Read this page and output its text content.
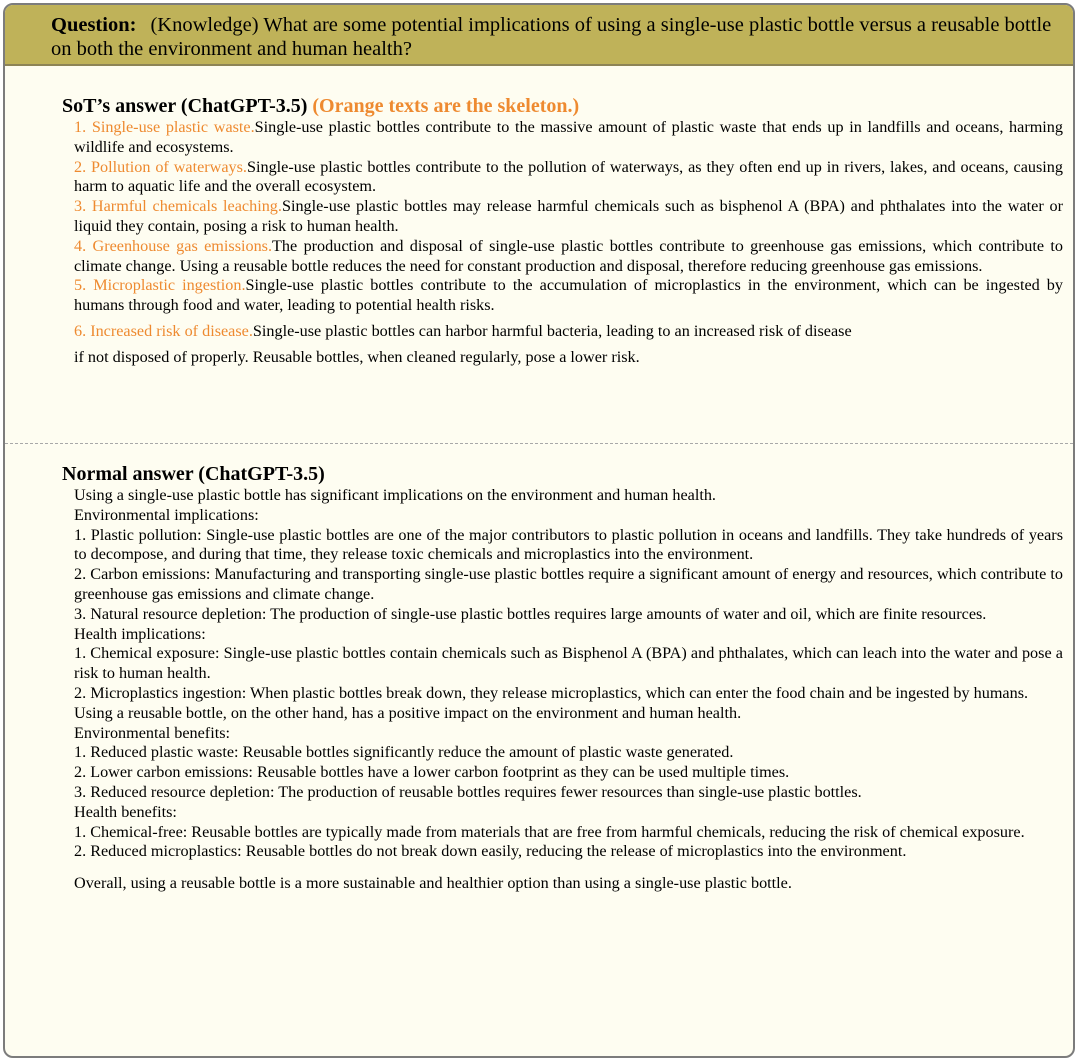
Question: (Knowledge) What are some potential implications of using a single-use plastic bottle versus a reusable bottle on both the environment and human health?
SoT’s answer (ChatGPT-3.5) (Orange texts are the skeleton.)
1. Single-use plastic waste.Single-use plastic bottles contribute to the massive amount of plastic waste that ends up in landfills and oceans, harming wildlife and ecosystems.
2. Pollution of waterways.Single-use plastic bottles contribute to the pollution of waterways, as they often end up in rivers, lakes, and oceans, causing harm to aquatic life and the overall ecosystem.
3. Harmful chemicals leaching.Single-use plastic bottles may release harmful chemicals such as bisphenol A (BPA) and phthalates into the water or liquid they contain, posing a risk to human health.
4. Greenhouse gas emissions.The production and disposal of single-use plastic bottles contribute to greenhouse gas emissions, which contribute to climate change. Using a reusable bottle reduces the need for constant production and disposal, therefore reducing greenhouse gas emissions.
5. Microplastic ingestion.Single-use plastic bottles contribute to the accumulation of microplastics in the environment, which can be ingested by humans through food and water, leading to potential health risks.
6. Increased risk of disease.Single-use plastic bottles can harbor harmful bacteria, leading to an increased risk of disease
if not disposed of properly. Reusable bottles, when cleaned regularly, pose a lower risk.
Normal answer (ChatGPT-3.5)
Using a single-use plastic bottle has significant implications on the environment and human health.
Environmental implications:
1. Plastic pollution: Single-use plastic bottles are one of the major contributors to plastic pollution in oceans and landfills. They take hundreds of years to decompose, and during that time, they release toxic chemicals and microplastics into the environment.
2. Carbon emissions: Manufacturing and transporting single-use plastic bottles require a significant amount of energy and resources, which contribute to greenhouse gas emissions and climate change.
3. Natural resource depletion: The production of single-use plastic bottles requires large amounts of water and oil, which are finite resources.
Health implications:
1. Chemical exposure: Single-use plastic bottles contain chemicals such as Bisphenol A (BPA) and phthalates, which can leach into the water and pose a risk to human health.
2. Microplastics ingestion: When plastic bottles break down, they release microplastics, which can enter the food chain and be ingested by humans.
Using a reusable bottle, on the other hand, has a positive impact on the environment and human health.
Environmental benefits:
1. Reduced plastic waste: Reusable bottles significantly reduce the amount of plastic waste generated.
2. Lower carbon emissions: Reusable bottles have a lower carbon footprint as they can be used multiple times.
3. Reduced resource depletion: The production of reusable bottles requires fewer resources than single-use plastic bottles.
Health benefits:
1. Chemical-free: Reusable bottles are typically made from materials that are free from harmful chemicals, reducing the risk of chemical exposure.
2. Reduced microplastics: Reusable bottles do not break down easily, reducing the release of microplastics into the environment.
Overall, using a reusable bottle is a more sustainable and healthier option than using a single-use plastic bottle.
